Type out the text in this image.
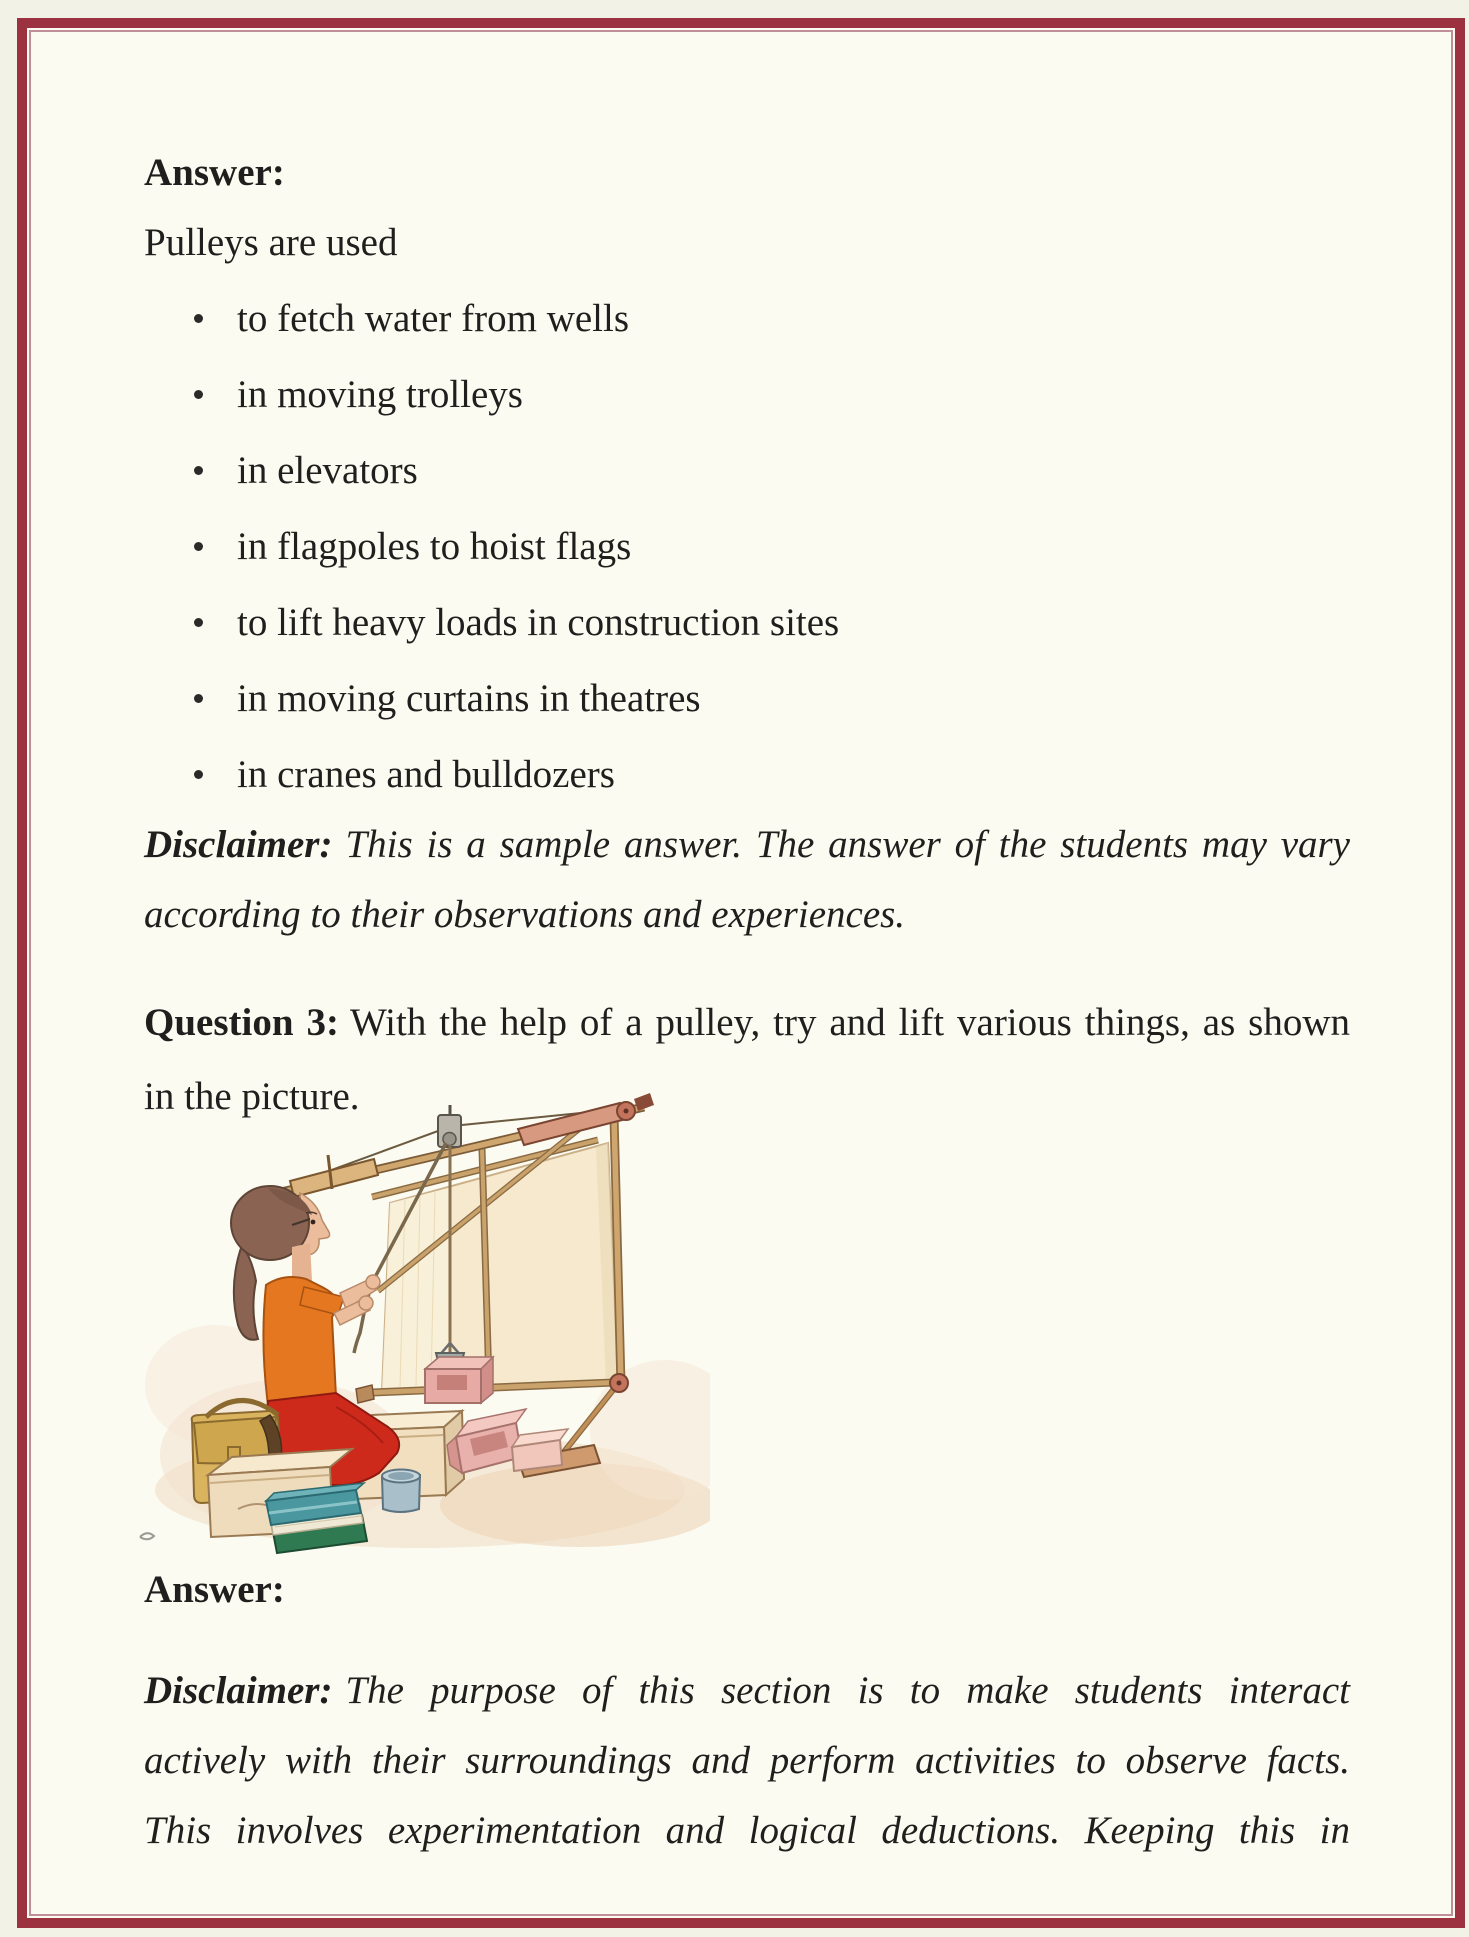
Answer:
Pulleys are used
to fetch water from wells
in moving trolleys
in elevators
in flagpoles to hoist flags
to lift heavy loads in construction sites
in moving curtains in theatres
in cranes and bulldozers
Disclaimer: This is a sample answer. The answer of the students may vary
according to their observations and experiences.
Question 3: With the help of a pulley, try and lift various things, as shown
in the picture.
Answer:
Disclaimer: The purpose of this section is to make students interact
actively with their surroundings and perform activities to observe facts.
This involves experimentation and logical deductions. Keeping this in
